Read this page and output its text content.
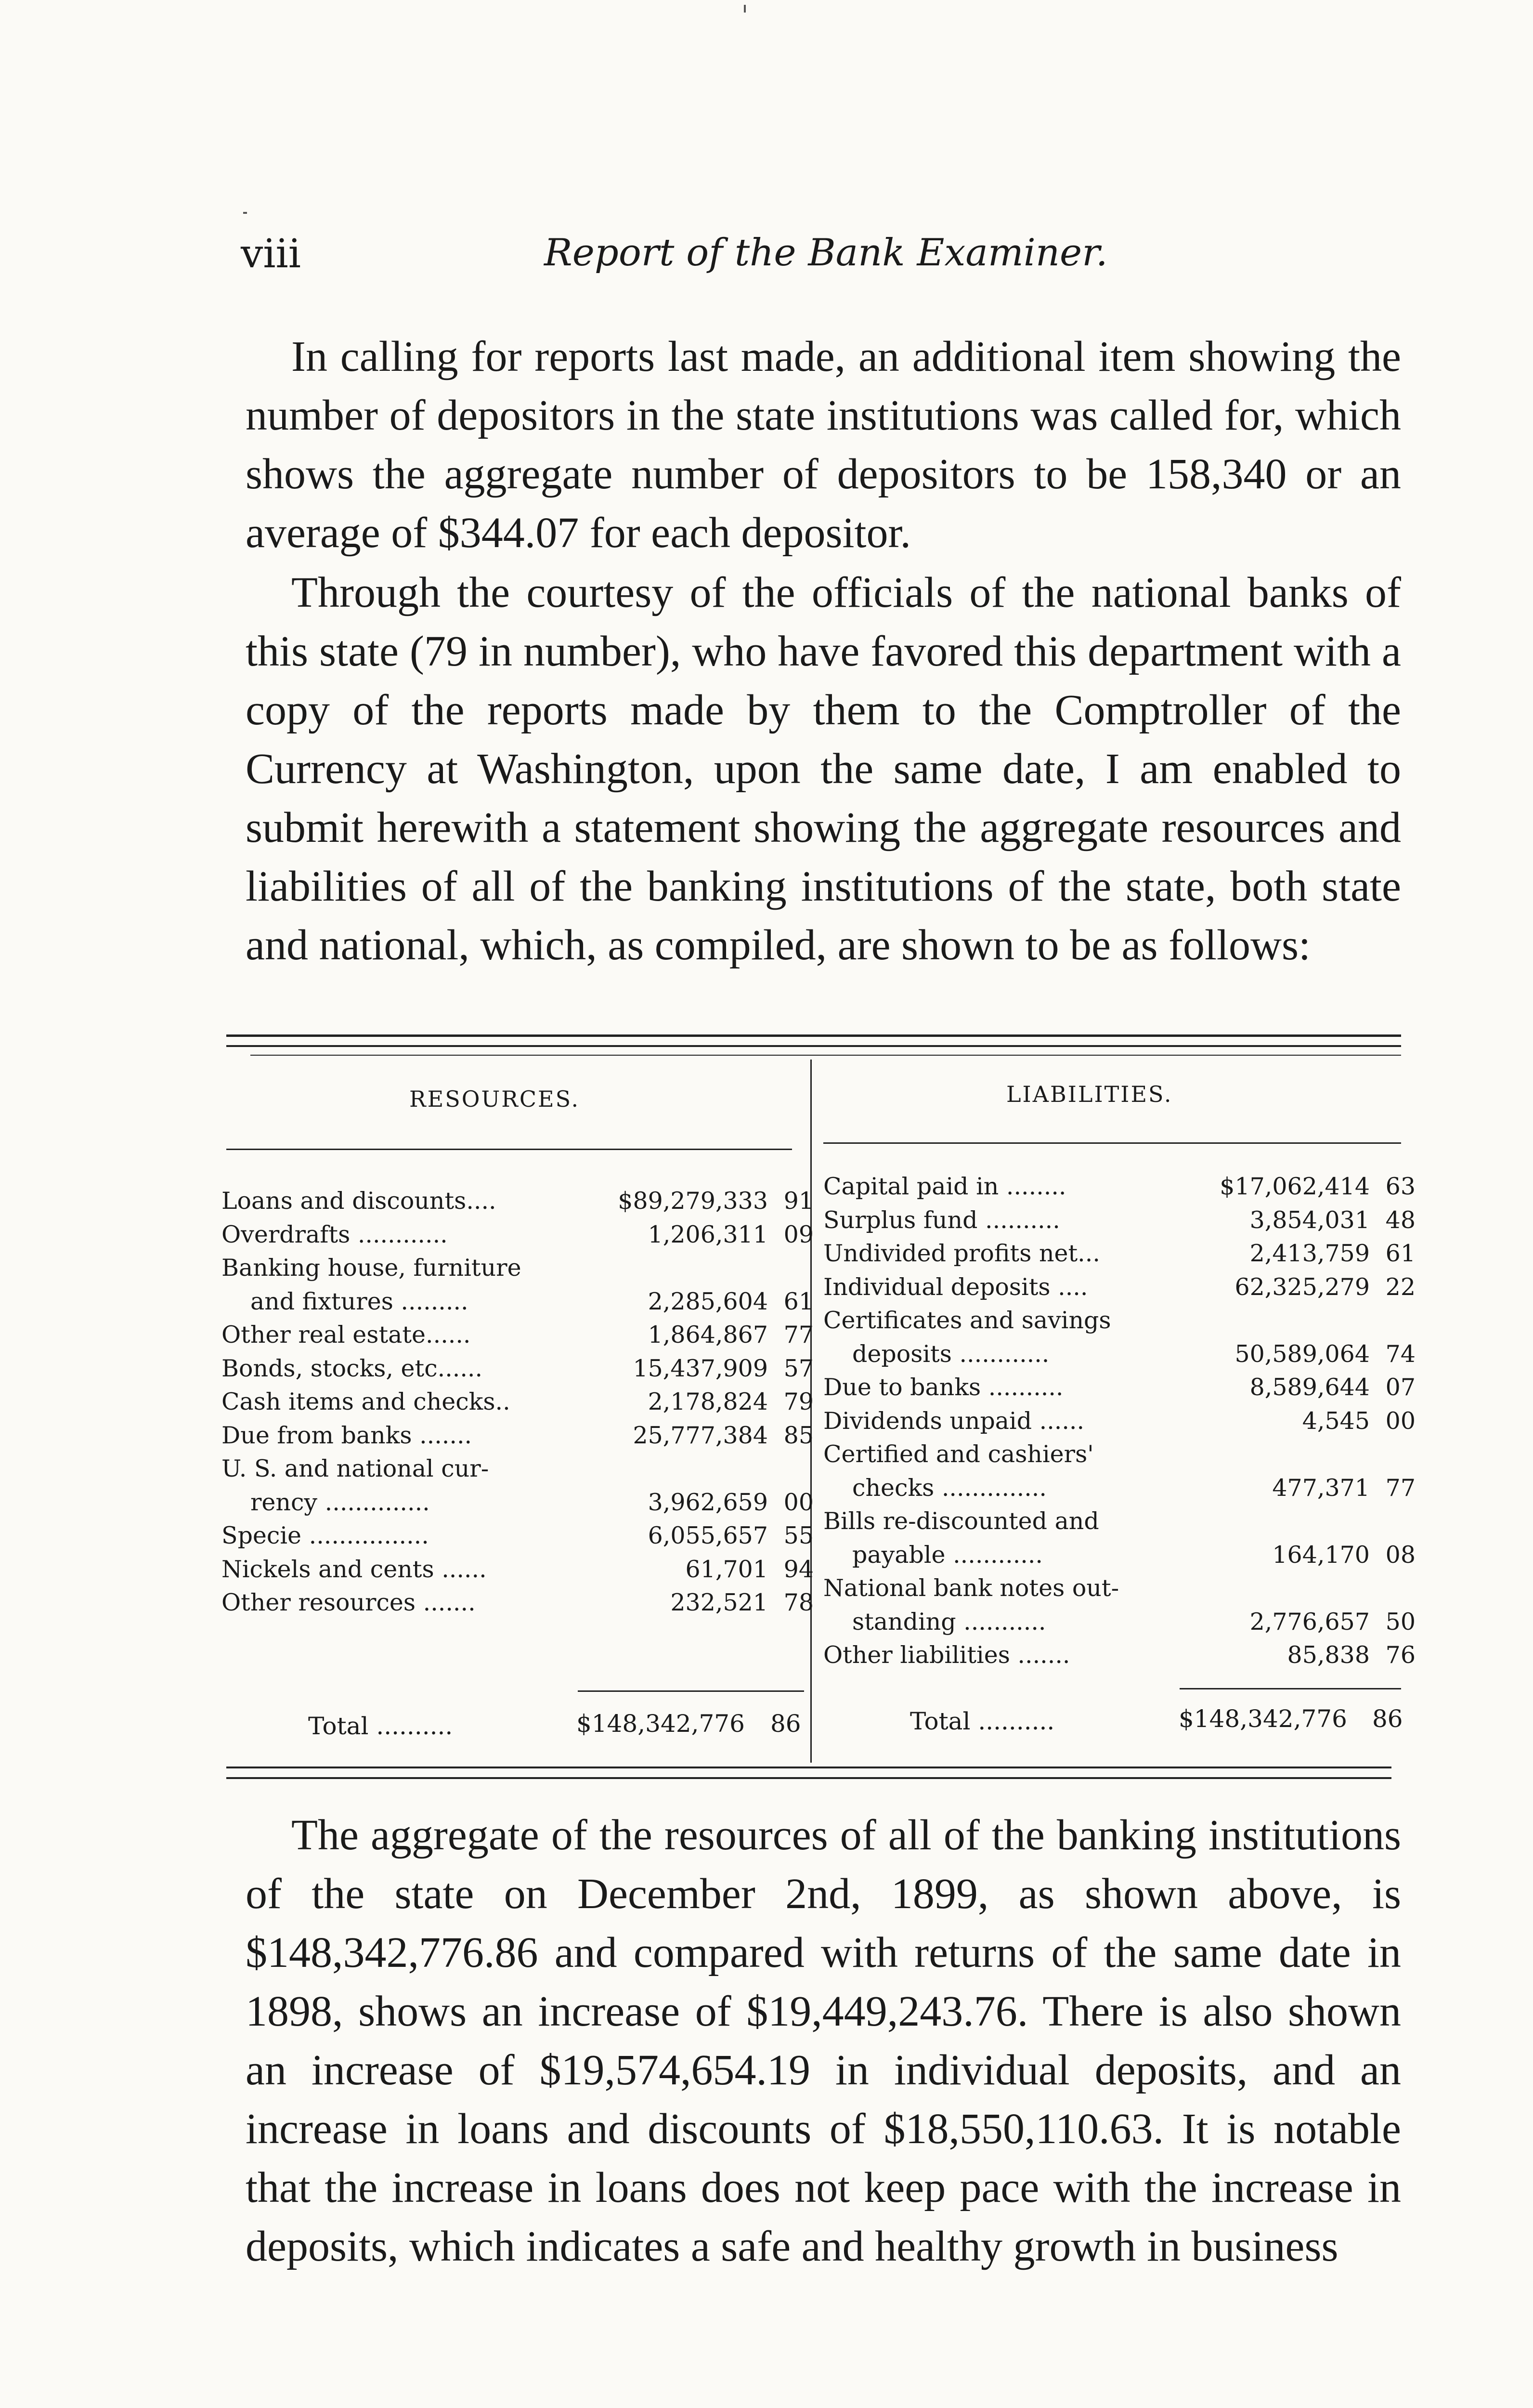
viii	Report of the Bank Examiner.
In calling for reports last made, an additional item showing the number of depositors in the state institutions was called for, which shows the aggregate number of depositors to be 158,340 or an average of $344.07 for each depositor.
Through the courtesy of the officials of the national banks of this state (79 in number), who have favored this department with a copy of the reports made by them to the Comptroller of the Currency at Washington, upon the same date, I am enabled to submit herewith a statement showing the aggregate resources and liabilities of all of the banking institutions of the state, both state and national, which, as compiled, are shown to be as follows:
RESOURCES.	LIABILITIES.
Loans and discounts....	$89,279,333 91
Overdrafts ............	1,206,311 09
Banking house, furniture
and fixtures .........	2,285,604 61
Other real estate......	1,864,867 77
Bonds, stocks, etc......	15,437,909 57
Cash items and checks..	2,178,824 79
Due from banks .......	25,777,384 85
U. S. and national cur-
rency ..............	3,962,659 00
Specie ................	6,055,657 55
Nickels and cents ......	61,701 94
Other resources .......	232,521 78
Capital paid in ........	$17,062,414 63
Surplus fund ..........	3,854,031 48
Undivided profits net...	2,413,759 61
Individual deposits ....	62,325,279 22
Certificates and savings
deposits ............	50,589,064 74
Due to banks ..........	8,589,644 07
Dividends unpaid ......	4,545 00
Certified and cashiers'
checks ..............	477,371 77
Bills re-discounted and
payable ............	164,170 08
National bank notes out-
standing ...........	2,776,657 50
Other liabilities .......	85,838 76
Total ..........	$148,342,776 86	Total ..........	$148,342,776 86
The aggregate of the resources of all of the banking institutions of the state on December 2nd, 1899, as shown above, is $148,342,776.86 and compared with returns of the same date in 1898, shows an increase of $19,449,243.76. There is also shown an increase of $19,574,654.19 in individual deposits, and an increase in loans and discounts of $18,550,110.63. It is notable that the increase in loans does not keep pace with the increase in deposits, which indicates a safe and healthy growth in business
